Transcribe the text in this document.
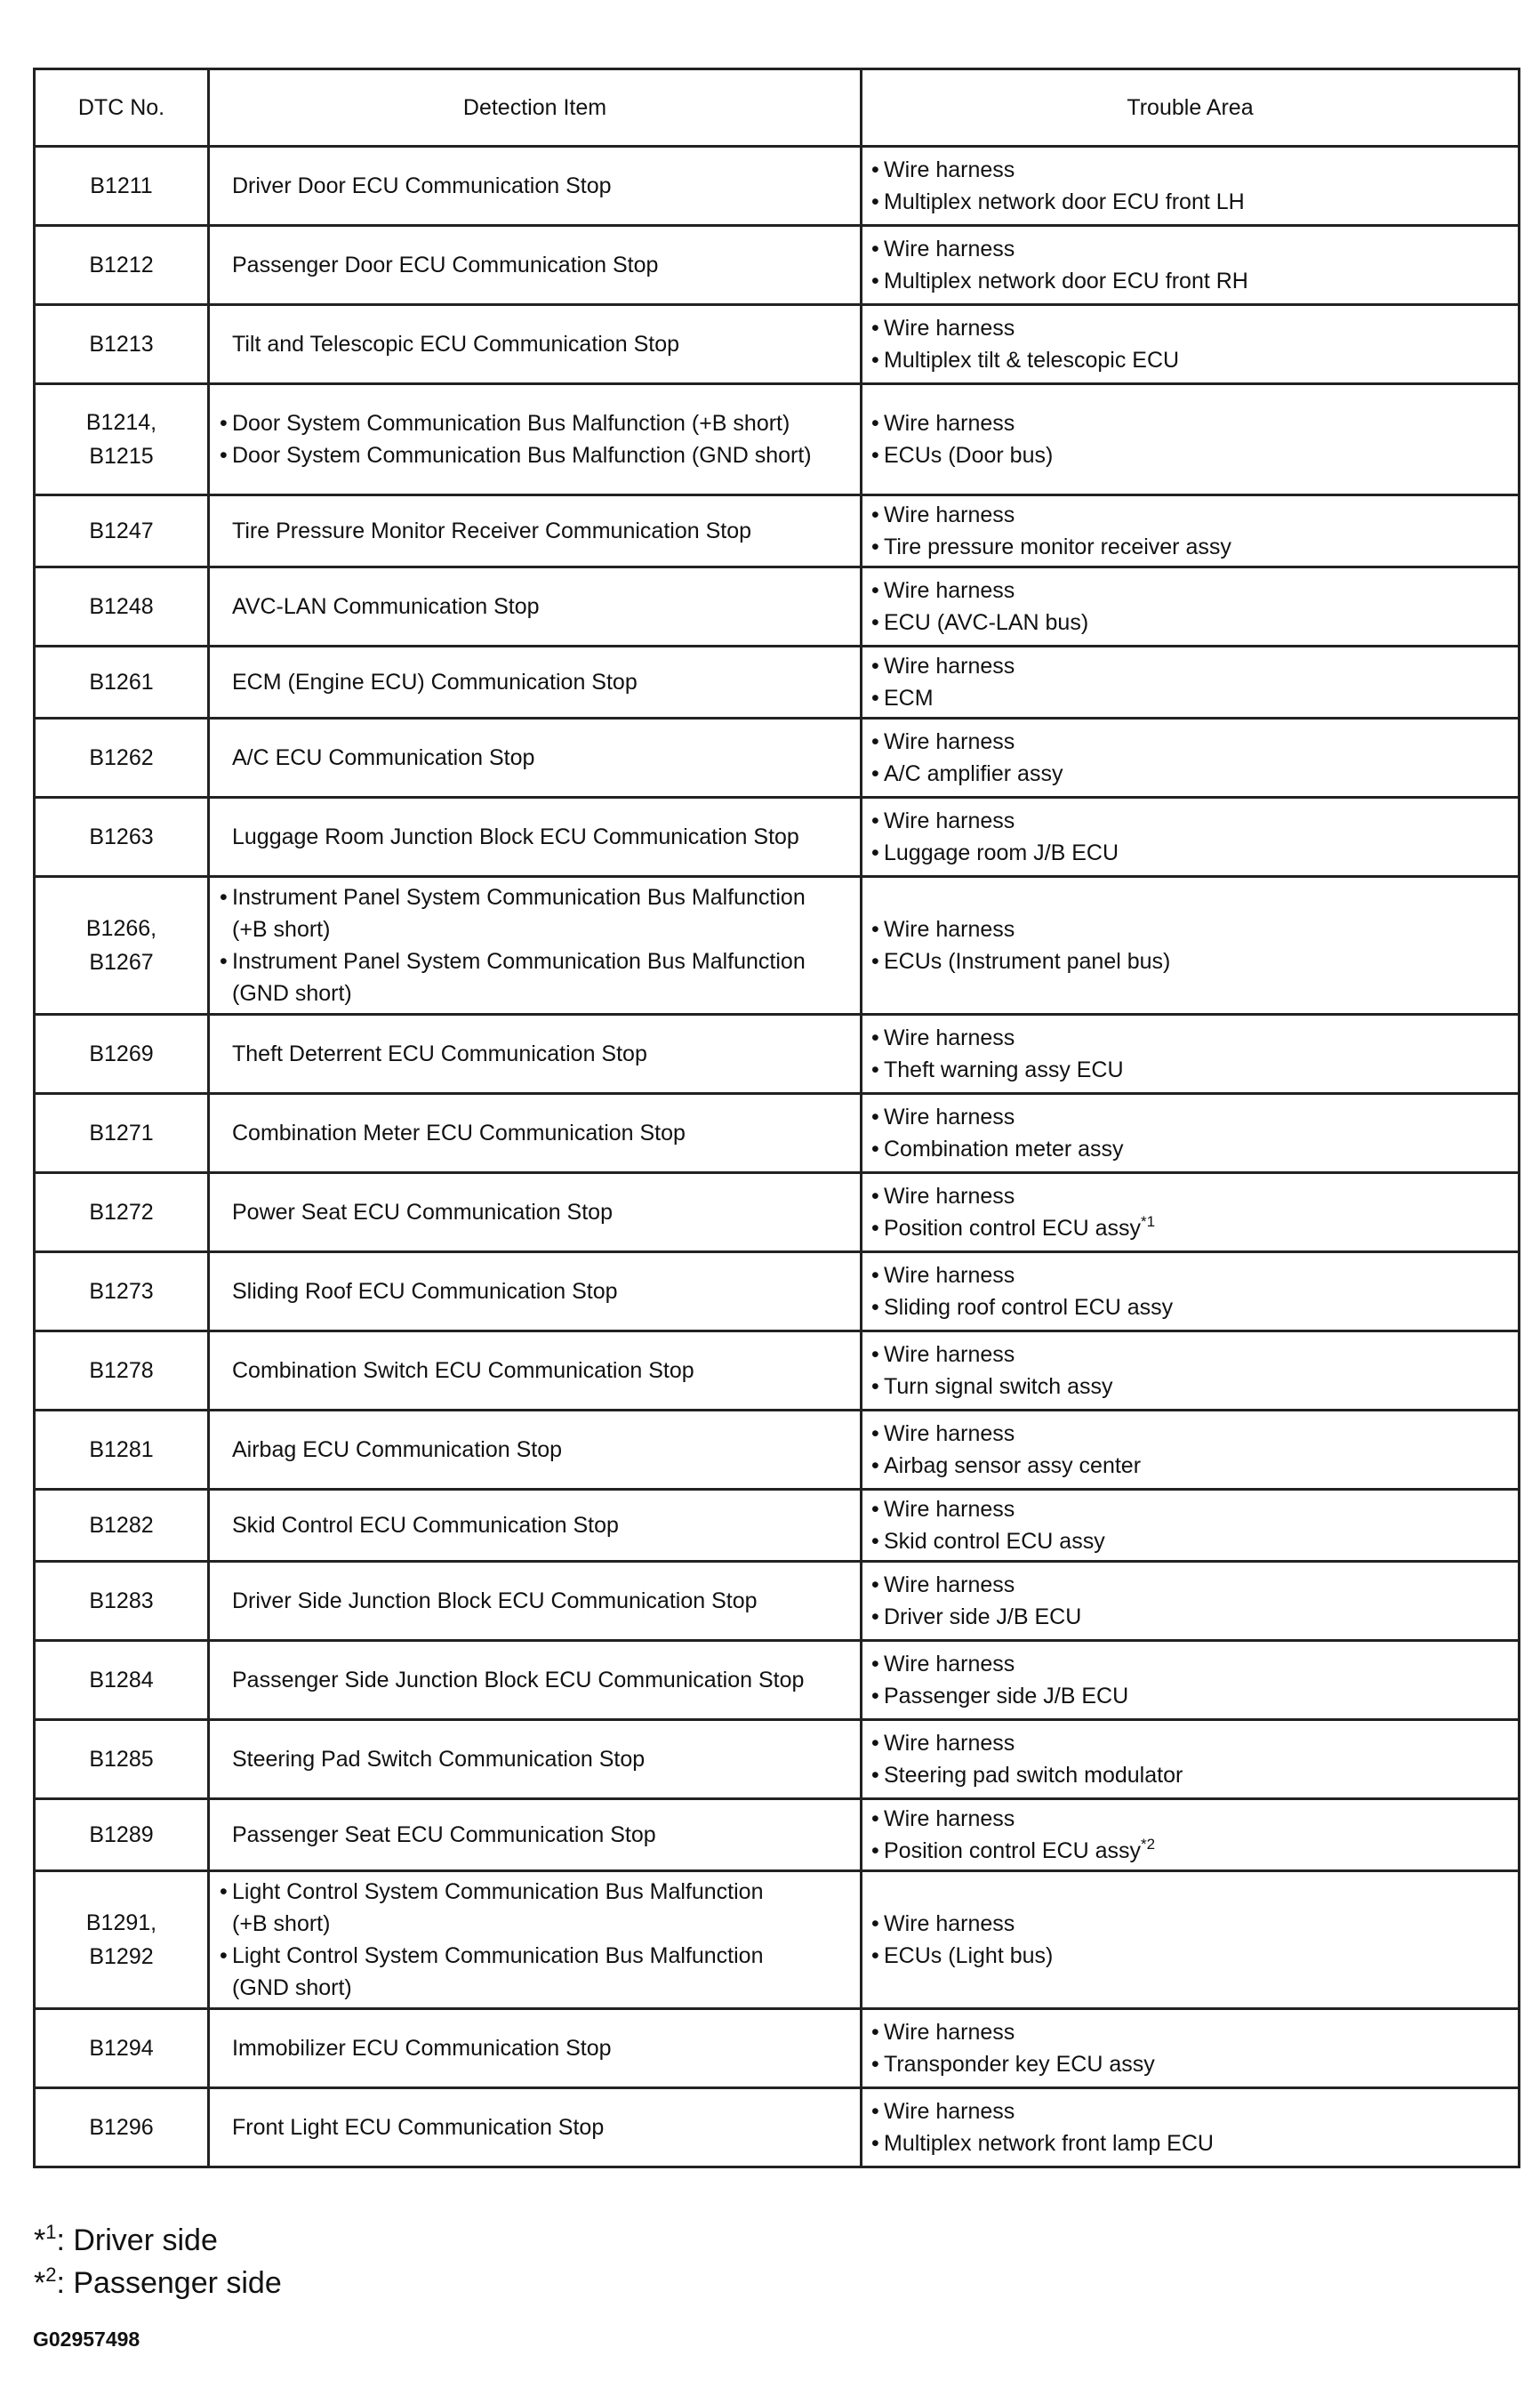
DTC No.	Detection Item	Trouble Area

B1211	Driver Door ECU Communication Stop	• Wire harness
• Multiplex network door ECU front LH

B1212	Passenger Door ECU Communication Stop	• Wire harness
• Multiplex network door ECU front RH

B1213	Tilt and Telescopic ECU Communication Stop	• Wire harness
• Multiplex tilt & telescopic ECU

B1214,
B1215	• Door System Communication Bus Malfunction (+B short)
• Door System Communication Bus Malfunction (GND short)	• Wire harness
• ECUs (Door bus)

B1247	Tire Pressure Monitor Receiver Communication Stop	• Wire harness
• Tire pressure monitor receiver assy

B1248	AVC-LAN Communication Stop	• Wire harness
• ECU (AVC-LAN bus)

B1261	ECM (Engine ECU) Communication Stop	• Wire harness
• ECM

B1262	A/C ECU Communication Stop	• Wire harness
• A/C amplifier assy

B1263	Luggage Room Junction Block ECU Communication Stop	• Wire harness
• Luggage room J/B ECU

B1266,
B1267	• Instrument Panel System Communication Bus Malfunction
(+B short)
• Instrument Panel System Communication Bus Malfunction
(GND short)	• Wire harness
• ECUs (Instrument panel bus)

B1269	Theft Deterrent ECU Communication Stop	• Wire harness
• Theft warning assy ECU

B1271	Combination Meter ECU Communication Stop	• Wire harness
• Combination meter assy

B1272	Power Seat ECU Communication Stop	• Wire harness
• Position control ECU assy$^{*1}$

B1273	Sliding Roof ECU Communication Stop	• Wire harness
• Sliding roof control ECU assy

B1278	Combination Switch ECU Communication Stop	• Wire harness
• Turn signal switch assy

B1281	Airbag ECU Communication Stop	• Wire harness
• Airbag sensor assy center

B1282	Skid Control ECU Communication Stop	• Wire harness
• Skid control ECU assy

B1283	Driver Side Junction Block ECU Communication Stop	• Wire harness
• Driver side J/B ECU

B1284	Passenger Side Junction Block ECU Communication Stop	• Wire harness
• Passenger side J/B ECU

B1285	Steering Pad Switch Communication Stop	• Wire harness
• Steering pad switch modulator

B1289	Passenger Seat ECU Communication Stop	• Wire harness
• Position control ECU assy$^{*2}$

B1291,
B1292	• Light Control System Communication Bus Malfunction
(+B short)
• Light Control System Communication Bus Malfunction
(GND short)	• Wire harness
• ECUs (Light bus)

B1294	Immobilizer ECU Communication Stop	• Wire harness
• Transponder key ECU assy

B1296	Front Light ECU Communication Stop	• Wire harness
• Multiplex network front lamp ECU
*$^1$: Driver side
*$^2$: Passenger side
G02957498
